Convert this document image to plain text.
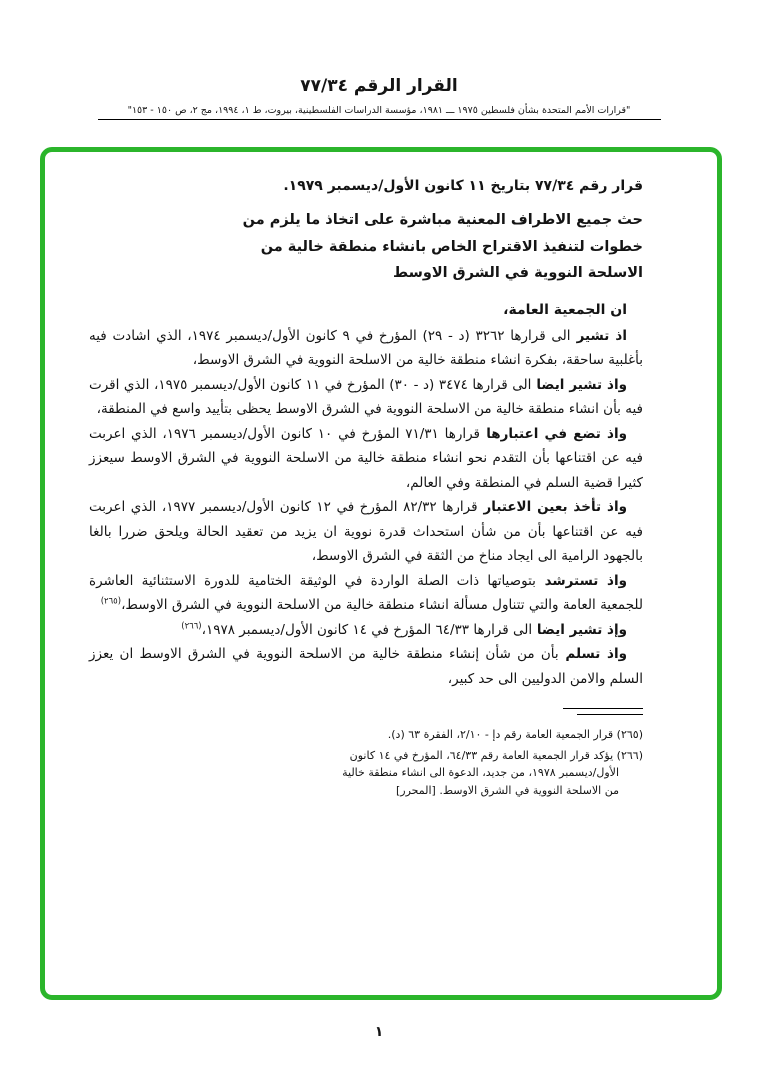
القرار الرقم ٧٧/٣٤
"قرارات الأمم المتحدة بشأن فلسطين ١٩٧٥ ـــ ١٩٨١، مؤسسة الدراسات الفلسطينية، بيروت، ط ١، ١٩٩٤، مج ٢، ص ١٥٠ - ١٥٣"

قرار رقم ٧٧/٣٤ بتاريخ ١١ كانون الأول/ديسمبر ١٩٧٩.

حث جميع الاطراف المعنية مباشرة على اتخاذ ما يلزم من خطوات لتنفيذ الاقتراح الخاص بانشاء منطقة خالية من الاسلحة النووية في الشرق الاوسط

ان الجمعية العامة،

اذ تشير الى قرارها ٣٢٦٢ (د - ٢٩) المؤرخ في ٩ كانون الأول/ديسمبر ١٩٧٤، الذي اشادت فيه بأغلبية ساحقة، بفكرة انشاء منطقة خالية من الاسلحة النووية في الشرق الاوسط،

واذ تشير ايضا الى قرارها ٣٤٧٤ (د - ٣٠) المؤرخ في ١١ كانون الأول/ديسمبر ١٩٧٥، الذي اقرت فيه بأن انشاء منطقة خالية من الاسلحة النووية في الشرق الاوسط يحظى بتأييد واسع في المنطقة،

واذ تضع في اعتبارها قرارها ٧١/٣١ المؤرخ في ١٠ كانون الأول/ديسمبر ١٩٧٦، الذي اعربت فيه عن اقتناعها بأن التقدم نحو انشاء منطقة خالية من الاسلحة النووية في الشرق الاوسط سيعزز كثيرا قضية السلم في المنطقة وفي العالم،

واذ تأخذ بعين الاعتبار قرارها ٨٢/٣٢ المؤرخ في ١٢ كانون الأول/ديسمبر ١٩٧٧، الذي اعربت فيه عن اقتناعها بأن من شأن استحداث قدرة نووية ان يزيد من تعقيد الحالة ويلحق ضررا بالغا بالجهود الرامية الى ايجاد مناخ من الثقة في الشرق الاوسط،

واذ تسترشد بتوصياتها ذات الصلة الواردة في الوثيقة الختامية للدورة الاستثنائية العاشرة للجمعية العامة والتي تتناول مسألة انشاء منطقة خالية من الاسلحة النووية في الشرق الاوسط،$^{(٢٦٥)}$

وإذ تشير ايضا الى قرارها ٦٤/٣٣ المؤرخ في ١٤ كانون الأول/ديسمبر ١٩٧٨،$^{(٢٦٦)}$

واذ تسلم بأن من شأن إنشاء منطقة خالية من الاسلحة النووية في الشرق الاوسط ان يعزز السلم والامن الدوليين الى حد كبير،

(٢٦٥) قرار الجمعية العامة رقم دإ - ٢/١٠، الفقرة ٦٣ (د).
(٢٦٦) يؤكد قرار الجمعية العامة رقم ٦٤/٣٣، المؤرخ في ١٤ كانون الأول/ديسمبر ١٩٧٨، من جديد، الدعوة الى انشاء منطقة خالية من الاسلحة النووية في الشرق الاوسط. [المحرر]
١
